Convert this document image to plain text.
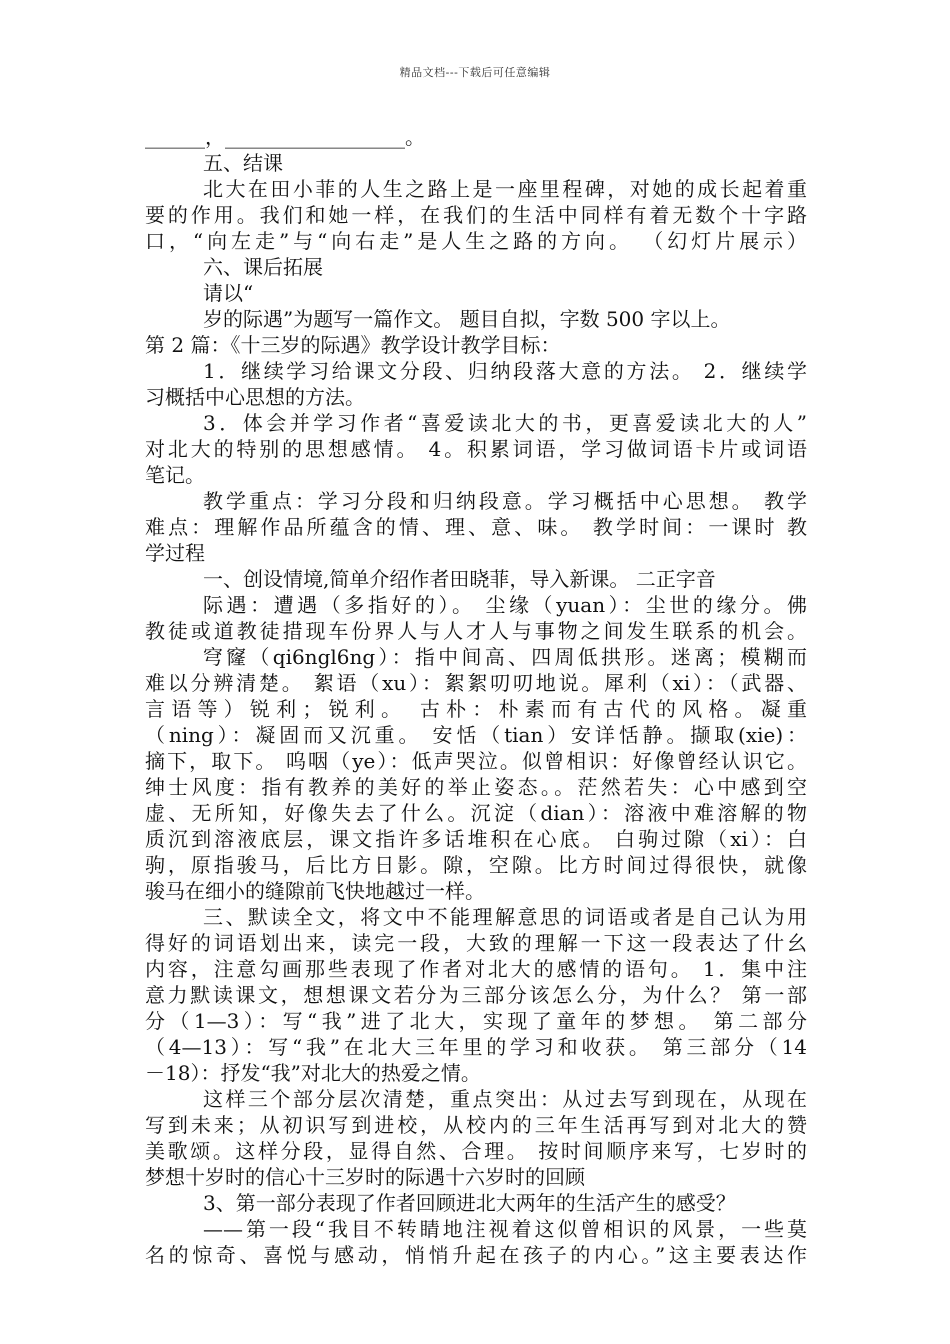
精品文档---下载后可任意编辑
______，__________________。
五、结课
北大在田小菲的人生之路上是一座里程碑，对她的成长起着重
要的作用。我们和她一样，在我们的生活中同样有着无数个十字路
口，“向左走”与“向右走”是人生之路的方向。 （幻灯片展示）
六、课后拓展
请以“
岁的际遇”为题写一篇作文。 题目自拟，字数 500 字以上。
第 2 篇：《十三岁的际遇》教学设计教学目标：
1．继续学习给课文分段、归纳段落大意的方法。 2．继续学
习概括中心思想的方法。
3．体会并学习作者“喜爱读北大的书，更喜爱读北大的人”
对北大的特别的思想感情。 4。积累词语，学习做词语卡片或词语
笔记。
教学重点：学习分段和归纳段意。学习概括中心思想。 教学
难点：理解作品所蕴含的情、理、意、味。 教学时间：一课时 教
学过程
一、创设情境,简单介绍作者田晓菲，导入新课。 二正字音
际遇：遭遇（多指好的）。 尘缘（yuan）：尘世的缘分。佛
教徒或道教徒措现车份界人与人才人与事物之间发生联系的机会。
穹窿（qi6ngl6ng）：指中间高、四周低拱形。迷离；模糊而
难以分辨清楚。 絮语（xu）：絮絮叨叨地说。犀利（xi）：（武器、
言语等）锐利；锐利。 古朴：朴素而有古代的风格。凝重
（ning）：凝固而又沉重。 安恬（tian）安详恬静。撷取(xie)：
摘下，取下。 呜咽（ye）：低声哭泣。似曾相识：好像曾经认识它。
绅士风度：指有教养的美好的举止姿态。。茫然若失：心中感到空
虚、无所知，好像失去了什么。沉淀（dian）：溶液中难溶解的物
质沉到溶液底层，课文指许多话堆积在心底。 白驹过隙（xi）：白
驹，原指骏马，后比方日影。隙，空隙。比方时间过得很快，就像
骏马在细小的缝隙前飞快地越过一样。
三、默读全文，将文中不能理解意思的词语或者是自己认为用
得好的词语划出来，读完一段，大致的理解一下这一段表达了什幺
内容，注意勾画那些表现了作者对北大的感情的语句。 1．集中注
意力默读课文，想想课文若分为三部分该怎么分，为什么？ 第一部
分（1—3）：写“我”进了北大，实现了童年的梦想。 第二部分
（4—13）：写“我”在北大三年里的学习和收获。 第三部分（14
－18）：抒发“我”对北大的热爱之情。
这样三个部分层次清楚，重点突出：从过去写到现在，从现在
写到未来；从初识写到进校，从校内的三年生活再写到对北大的赞
美歌颂。这样分段，显得自然、合理。 按时间顺序来写，七岁时的
梦想十岁时的信心十三岁时的际遇十六岁时的回顾
3、第一部分表现了作者回顾进北大两年的生活产生的感受？
——第一段“我目不转睛地注视着这似曾相识的风景，一些莫
名的惊奇、喜悦与感动，悄悄升起在孩子的内心。”这主要表达作
